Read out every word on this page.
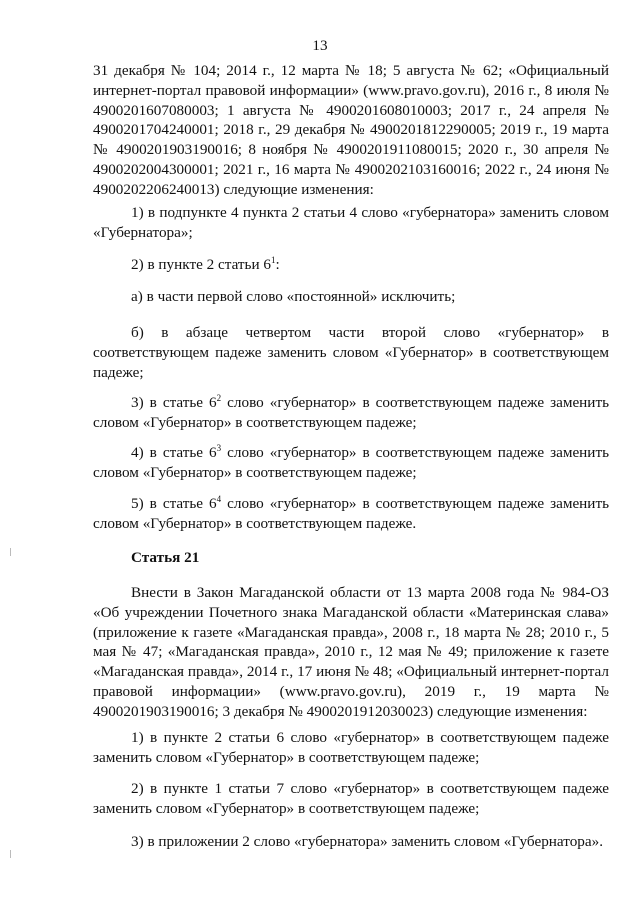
13
31 декабря № 104; 2014 г., 12 марта № 18; 5 августа № 62; «Официальный интернет-портал правовой информации» (www.pravo.gov.ru), 2016 г., 8 июля № 4900201607080003; 1 августа № 4900201608010003; 2017 г., 24 апреля № 4900201704240001; 2018 г., 29 декабря № 4900201812290005; 2019 г., 19 марта № 4900201903190016; 8 ноября № 4900201911080015; 2020 г., 30 апреля № 4900202004300001; 2021 г., 16 марта № 4900202103160016; 2022 г., 24 июня № 4900202206240013) следующие изменения:
1) в подпункте 4 пункта 2 статьи 4 слово «губернатора» заменить словом «Губернатора»;
2) в пункте 2 статьи $6^1$:
а) в части первой слово «постоянной» исключить;
б) в абзаце четвертом части второй слово «губернатор» в соответствующем падеже заменить словом «Губернатор» в соответствующем падеже;
3) в статье $6^2$ слово «губернатор» в соответствующем падеже заменить словом «Губернатор» в соответствующем падеже;
4) в статье $6^3$ слово «губернатор» в соответствующем падеже заменить словом «Губернатор» в соответствующем падеже;
5) в статье $6^4$ слово «губернатор» в соответствующем падеже заменить словом «Губернатор» в соответствующем падеже.
Статья 21
Внести в Закон Магаданской области от 13 марта 2008 года № 984-ОЗ «Об учреждении Почетного знака Магаданской области «Материнская слава» (приложение к газете «Магаданская правда», 2008 г., 18 марта № 28; 2010 г., 5 мая № 47; «Магаданская правда», 2010 г., 12 мая № 49; приложение к газете «Магаданская правда», 2014 г., 17 июня № 48; «Официальный интернет-портал правовой информации» (www.pravo.gov.ru), 2019 г., 19 марта № 4900201903190016; 3 декабря № 4900201912030023) следующие изменения:
1) в пункте 2 статьи 6 слово «губернатор» в соответствующем падеже заменить словом «Губернатор» в соответствующем падеже;
2) в пункте 1 статьи 7 слово «губернатор» в соответствующем падеже заменить словом «Губернатор» в соответствующем падеже;
3) в приложении 2 слово «губернатора» заменить словом «Губернатора».
